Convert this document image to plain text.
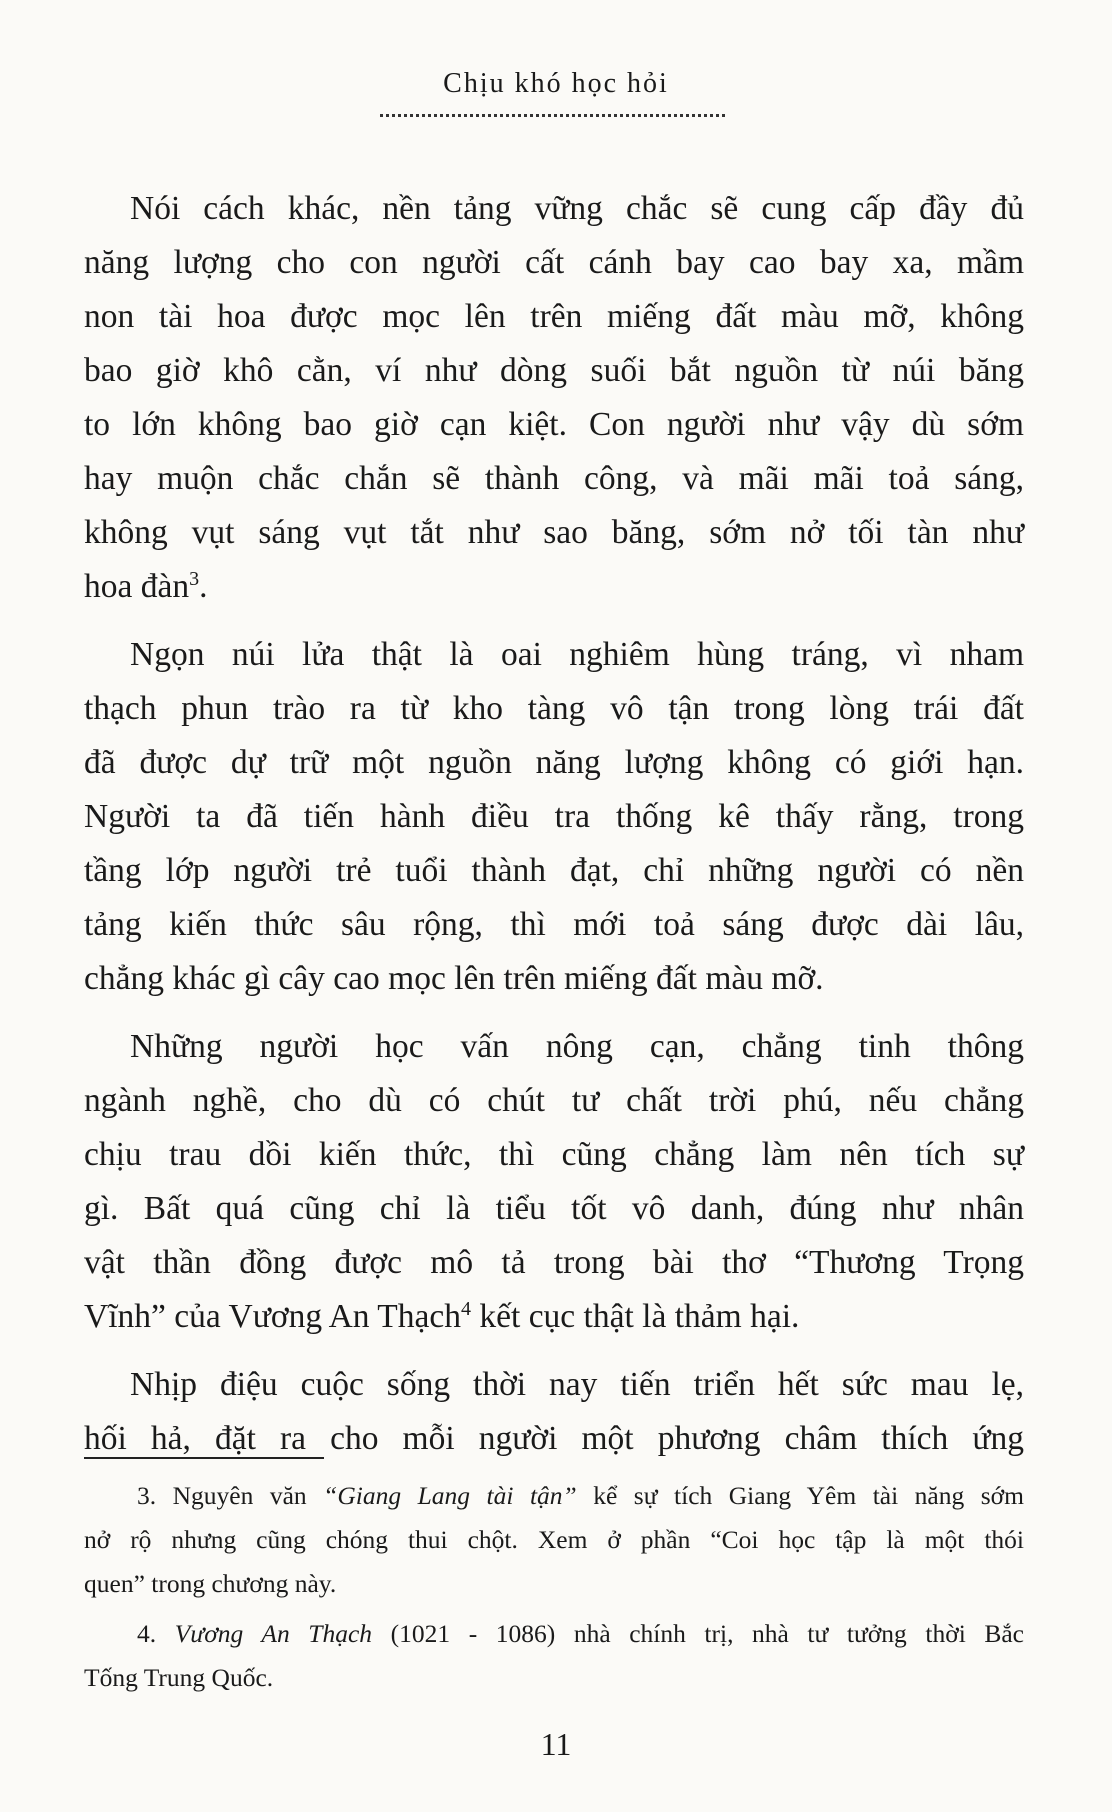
Chịu khó học hỏi
Nói cách khác, nền tảng vững chắc sẽ cung cấp đầy đủ
năng lượng cho con người cất cánh bay cao bay xa, mầm
non tài hoa được mọc lên trên miếng đất màu mỡ, không
bao giờ khô cằn, ví như dòng suối bắt nguồn từ núi băng
to lớn không bao giờ cạn kiệt. Con người như vậy dù sớm
hay muộn chắc chắn sẽ thành công, và mãi mãi toả sáng,
không vụt sáng vụt tắt như sao băng, sớm nở tối tàn như
hoa đàn$^3$.
Ngọn núi lửa thật là oai nghiêm hùng tráng, vì nham
thạch phun trào ra từ kho tàng vô tận trong lòng trái đất
đã được dự trữ một nguồn năng lượng không có giới hạn.
Người ta đã tiến hành điều tra thống kê thấy rằng, trong
tầng lớp người trẻ tuổi thành đạt, chỉ những người có nền
tảng kiến thức sâu rộng, thì mới toả sáng được dài lâu,
chẳng khác gì cây cao mọc lên trên miếng đất màu mỡ.
Những người học vấn nông cạn, chẳng tinh thông
ngành nghề, cho dù có chút tư chất trời phú, nếu chẳng
chịu trau dồi kiến thức, thì cũng chẳng làm nên tích sự
gì. Bất quá cũng chỉ là tiểu tốt vô danh, đúng như nhân
vật thần đồng được mô tả trong bài thơ “Thương Trọng
Vĩnh” của Vương An Thạch$^4$ kết cục thật là thảm hại.
Nhịp điệu cuộc sống thời nay tiến triển hết sức mau lẹ,
hối hả, đặt ra cho mỗi người một phương châm thích ứng
3. Nguyên văn “Giang Lang tài tận” kể sự tích Giang Yêm tài năng sớm
nở rộ nhưng cũng chóng thui chột. Xem ở phần “Coi học tập là một thói
quen” trong chương này.
4. Vương An Thạch (1021 - 1086) nhà chính trị, nhà tư tưởng thời Bắc
Tống Trung Quốc.
11
